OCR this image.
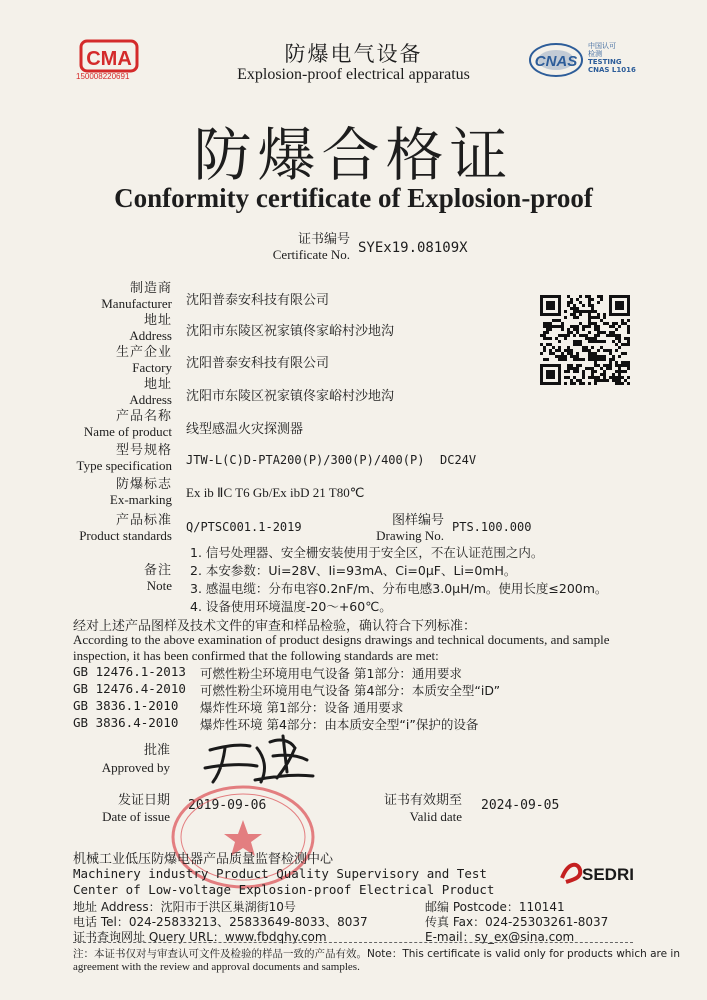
CMA
150008220691
CNAS
中国认可
检测
TESTING
CNAS L1016
防爆电气设备
Explosion-proof electrical apparatus
防爆合格证
Conformity certificate of Explosion-proof
证书编号
Certificate No. SYEx19.08109X
制造商
Manufacturer 沈阳普泰安科技有限公司
地址
Address 沈阳市东陵区祝家镇佟家峪村沙地沟
生产企业
Factory 沈阳普泰安科技有限公司
地址
Address 沈阳市东陵区祝家镇佟家峪村沙地沟
产品名称
Name of product 线型感温火灾探测器
型号规格
Type specification JTW-L(C)D-PTA200(P)/300(P)/400(P) DC24V
防爆标志
Ex-marking Ex ib ⅡC T6 Gb/Ex ibD 21 T80℃
产品标准
Product standards
Q/PTSC001.1-2019	图样编号
Drawing No.
PTS.100.000
备注
Note
1. 信号处理器、安全栅安装使用于安全区，不在认证范围之内。
2. 本安参数：Ui=28V、Ii=93mA、Ci=0μF、Li=0mH。
3. 感温电缆：分布电容0.2nF/m、分布电感3.0μH/m。使用长度≤200m。
4. 设备使用环境温度-20～+60℃。
经对上述产品图样及技术文件的审查和样品检验，确认符合下列标准：
According to the above examination of product designs drawings and technical documents, and sample
inspection, it has been confirmed that the following standards are met:
GB 12476.1-2013 可燃性粉尘环境用电气设备 第1部分：通用要求
GB 12476.4-2010 可燃性粉尘环境用电气设备 第4部分：本质安全型“iD”
GB 3836.1-2010 爆炸性环境 第1部分：设备 通用要求
GB 3836.4-2010 爆炸性环境 第4部分：由本质安全型“i”保护的设备
批准
Approved by
发证日期
Date of issue
2019-09-06	证书有效期至
Valid date
2024-09-05
机械工业低压防爆电器产品质量监督检测中心
Machinery industry Product Quality Supervisory and Test
Center of Low-voltage Explosion-proof Electrical Product
SEDRI
地址 Address：沈阳市于洪区巢湖街10号	邮编 Postcode：110141
电话 Tel：024-25833213、25833649-8033、8037	传真 Fax：024-25303261-8037
证书查询网址 Query URL：www.fbdqhy.com	E-mail：sy_ex@sina.com
注：本证书仅对与审查认可文件及检验的样品一致的产品有效。Note：This certificate is valid only for products which are in
agreement with the review and approval documents and samples.
